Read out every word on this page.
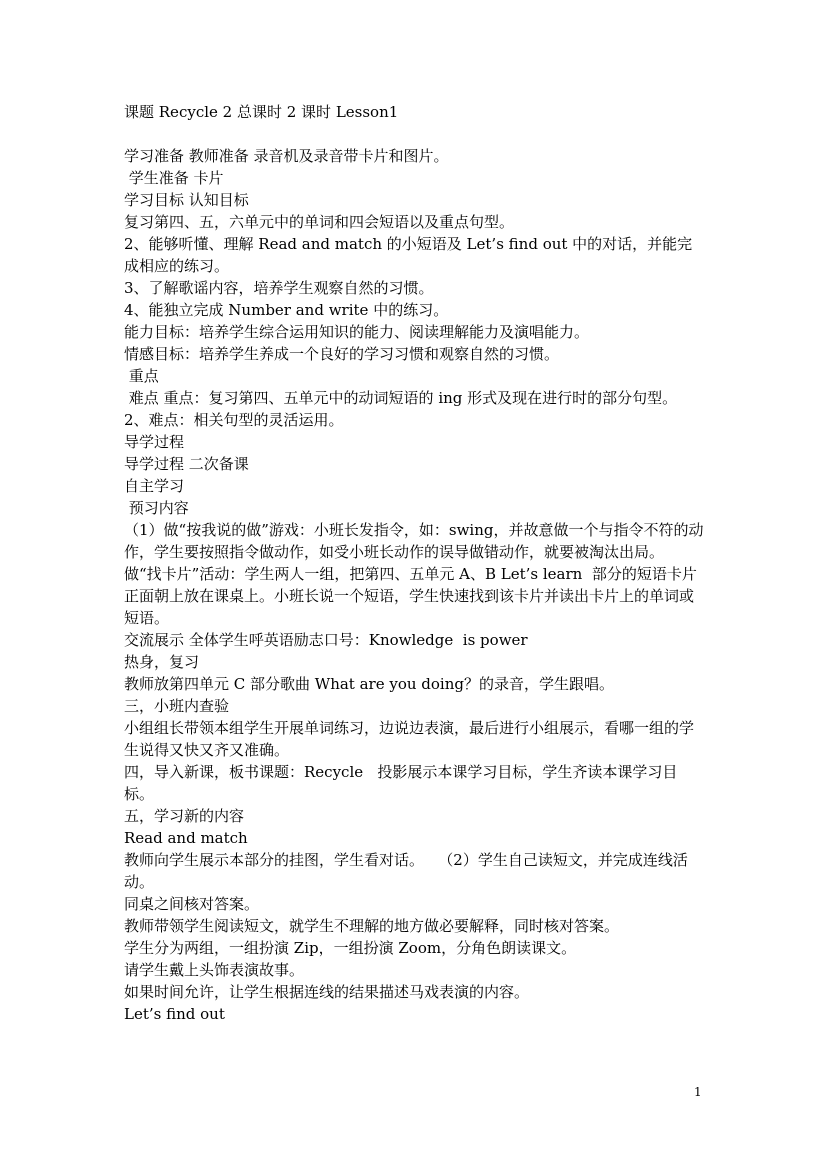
课题 Recycle 2 总课时 2 课时 Lesson1
学习准备 教师准备 录音机及录音带卡片和图片。
学生准备 卡片
学习目标 认知目标
复习第四、五，六单元中的单词和四会短语以及重点句型。
2、能够听懂、理解 Read and match 的小短语及 Let’s find out 中的对话，并能完成相应的练习。
3、了解歌谣内容，培养学生观察自然的习惯。
4、能独立完成 Number and write 中的练习。
能力目标：培养学生综合运用知识的能力、阅读理解能力及演唱能力。
情感目标：培养学生养成一个良好的学习习惯和观察自然的习惯。
重点
难点 重点：复习第四、五单元中的动词短语的 ing 形式及现在进行时的部分句型。
2、难点：相关句型的灵活运用。
导学过程
导学过程 二次备课
自主学习
预习内容
（1）做“按我说的做”游戏：小班长发指令，如：swing，并故意做一个与指令不符的动作，学生要按照指令做动作，如受小班长动作的误导做错动作，就要被淘汰出局。
做“找卡片”活动：学生两人一组，把第四、五单元 A、B Let’s learn  部分的短语卡片正面朝上放在课桌上。小班长说一个短语，学生快速找到该卡片并读出卡片上的单词或短语。
交流展示 全体学生呼英语励志口号：Knowledge  is power
热身，复习
教师放第四单元 C 部分歌曲 What are you doing？的录音，学生跟唱。
三，小班内查验
小组组长带领本组学生开展单词练习，边说边表演，最后进行小组展示，看哪一组的学生说得又快又齐又准确。
四，导入新课，板书课题：Recycle   投影展示本课学习目标，学生齐读本课学习目标。
五，学习新的内容
Read and match
教师向学生展示本部分的挂图，学生看对话。   （2）学生自己读短文，并完成连线活动。
同桌之间核对答案。
教师带领学生阅读短文，就学生不理解的地方做必要解释，同时核对答案。
学生分为两组，一组扮演 Zip，一组扮演 Zoom，分角色朗读课文。
请学生戴上头饰表演故事。
如果时间允许，让学生根据连线的结果描述马戏表演的内容。
Let’s find out
1
